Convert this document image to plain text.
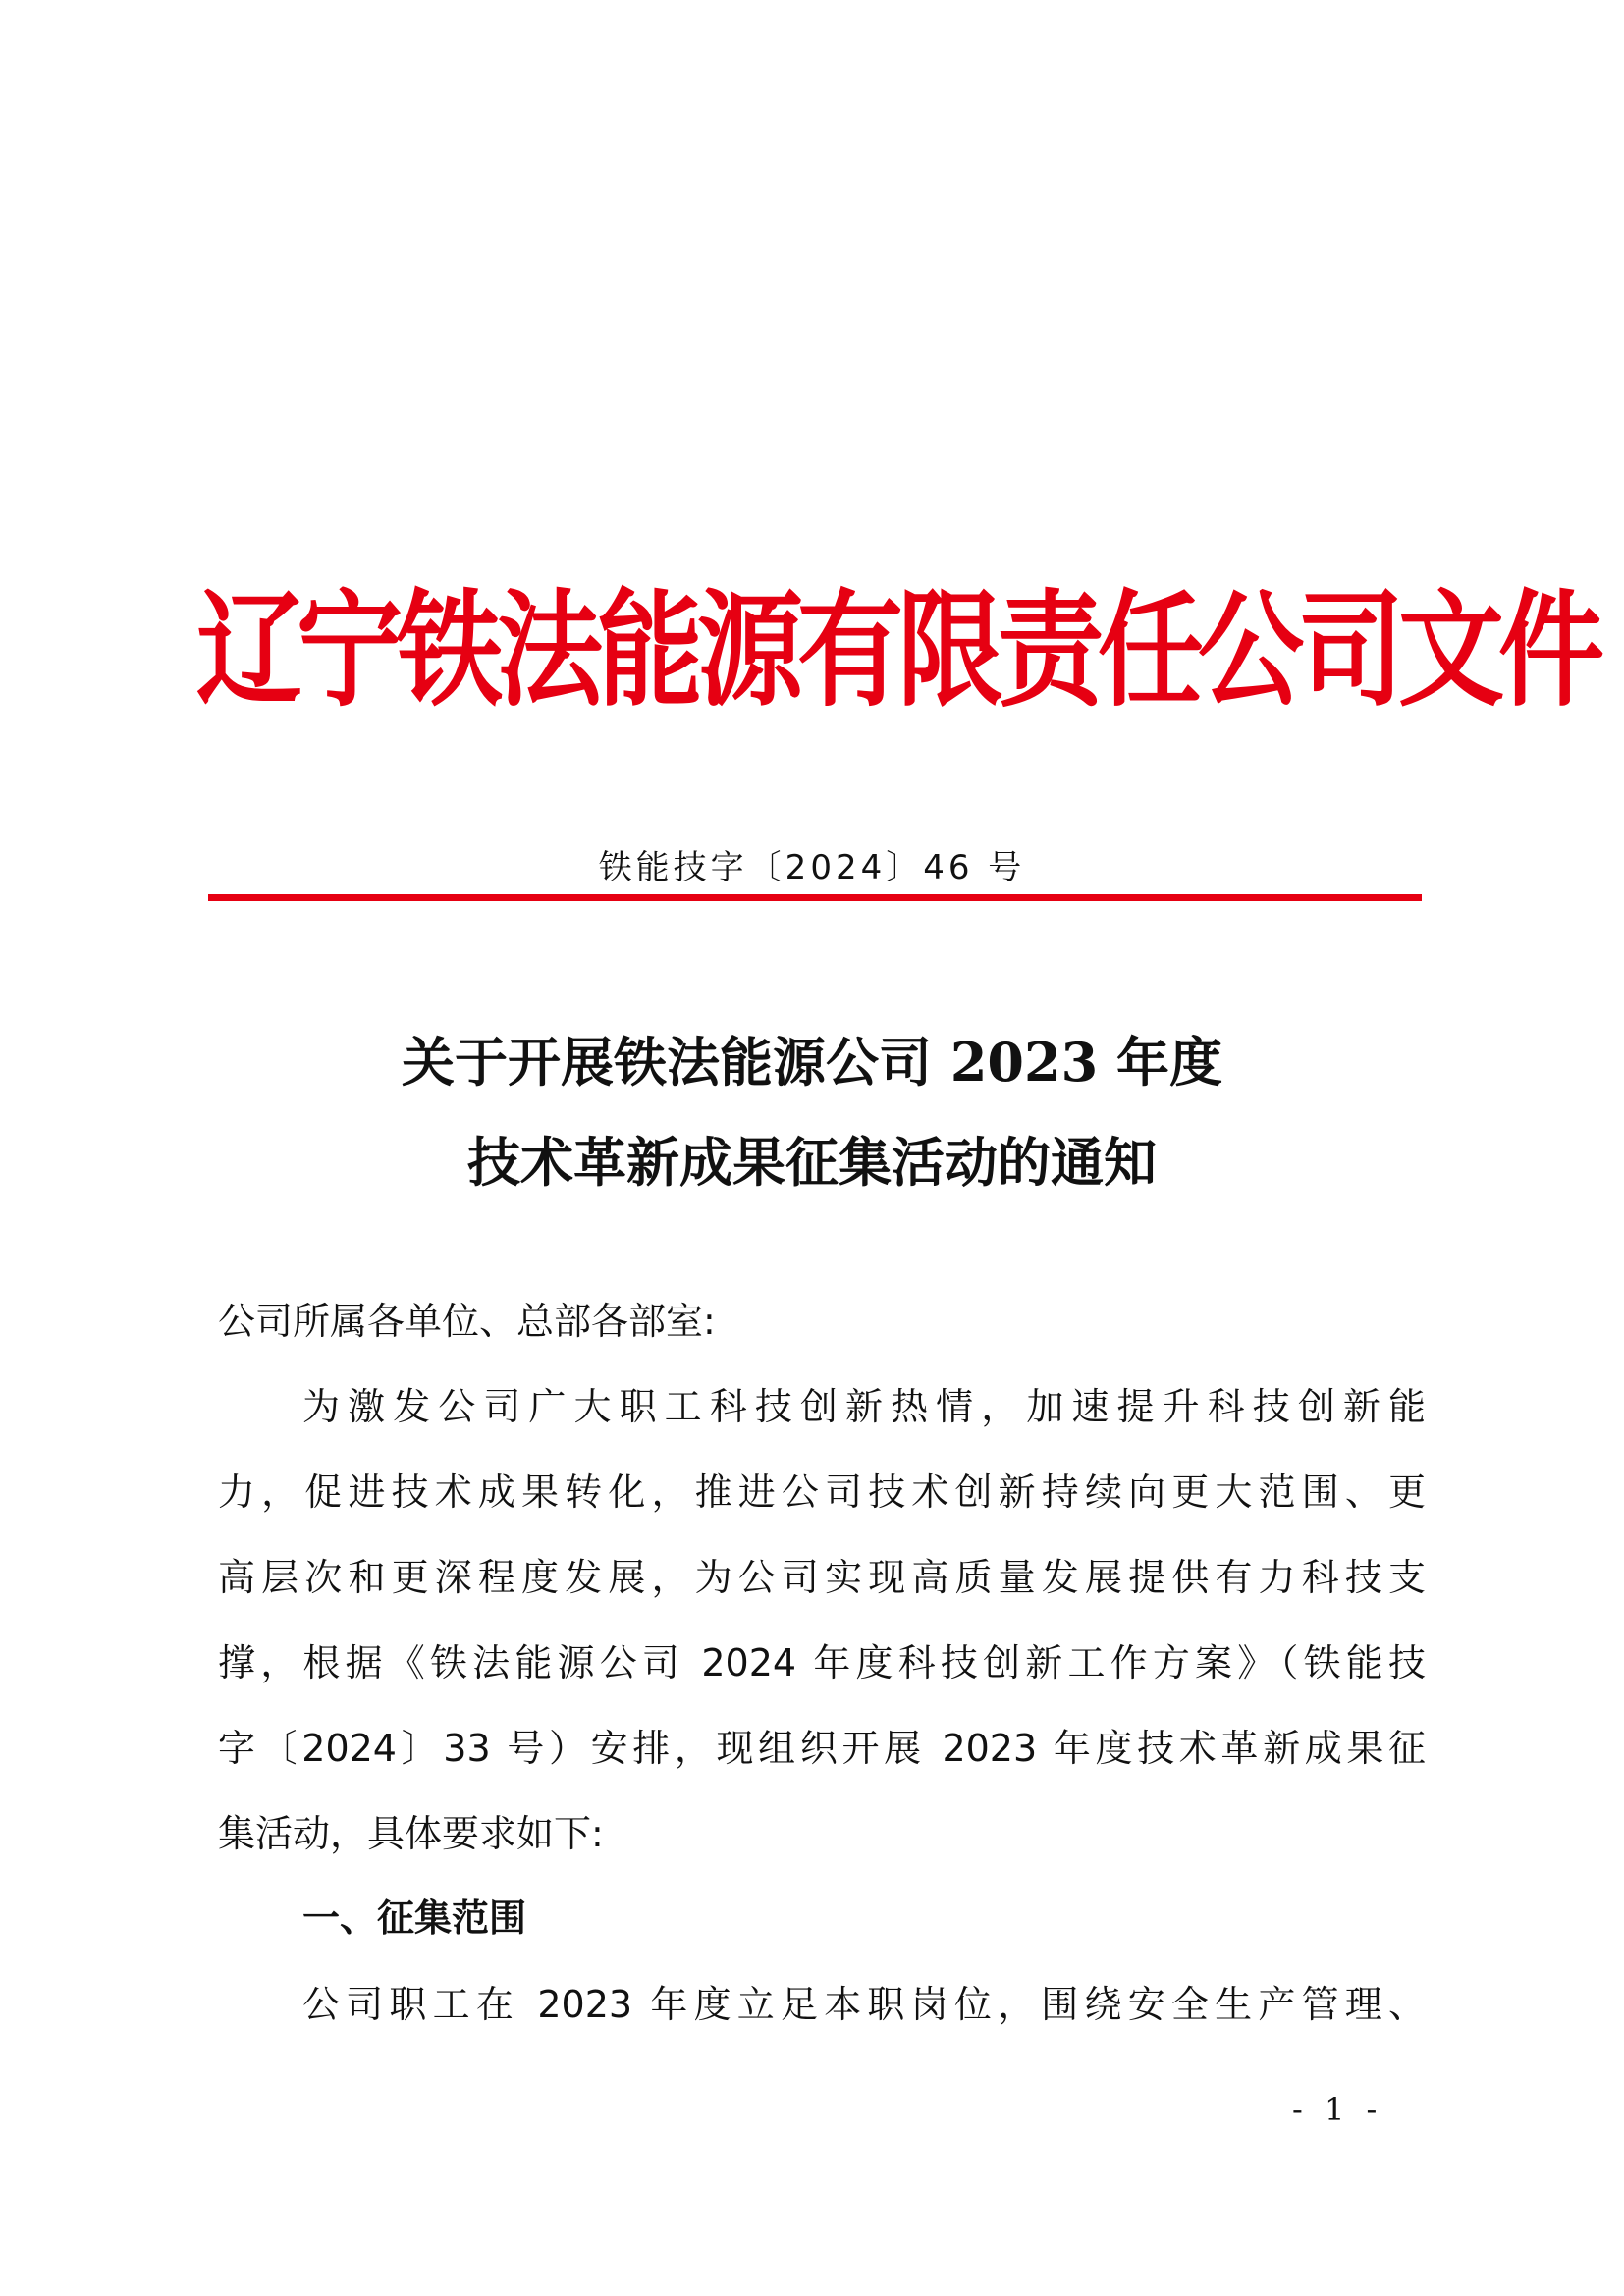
辽宁铁法能源有限责任公司文件
铁能技字〔2024〕46 号
关于开展铁法能源公司 2023 年度
技术革新成果征集活动的通知
公司所属各单位、总部各部室:
为激发公司广大职工科技创新热情，加速提升科技创新能
力，促进技术成果转化，推进公司技术创新持续向更大范围、更
高层次和更深程度发展，为公司实现高质量发展提供有力科技支
撑，根据《铁法能源公司 2024 年度科技创新工作方案》（铁能技
字〔2024〕33 号）安排，现组织开展 2023 年度技术革新成果征
集活动，具体要求如下:
一、征集范围
公司职工在 2023 年度立足本职岗位，围绕安全生产管理、
- 1 -
